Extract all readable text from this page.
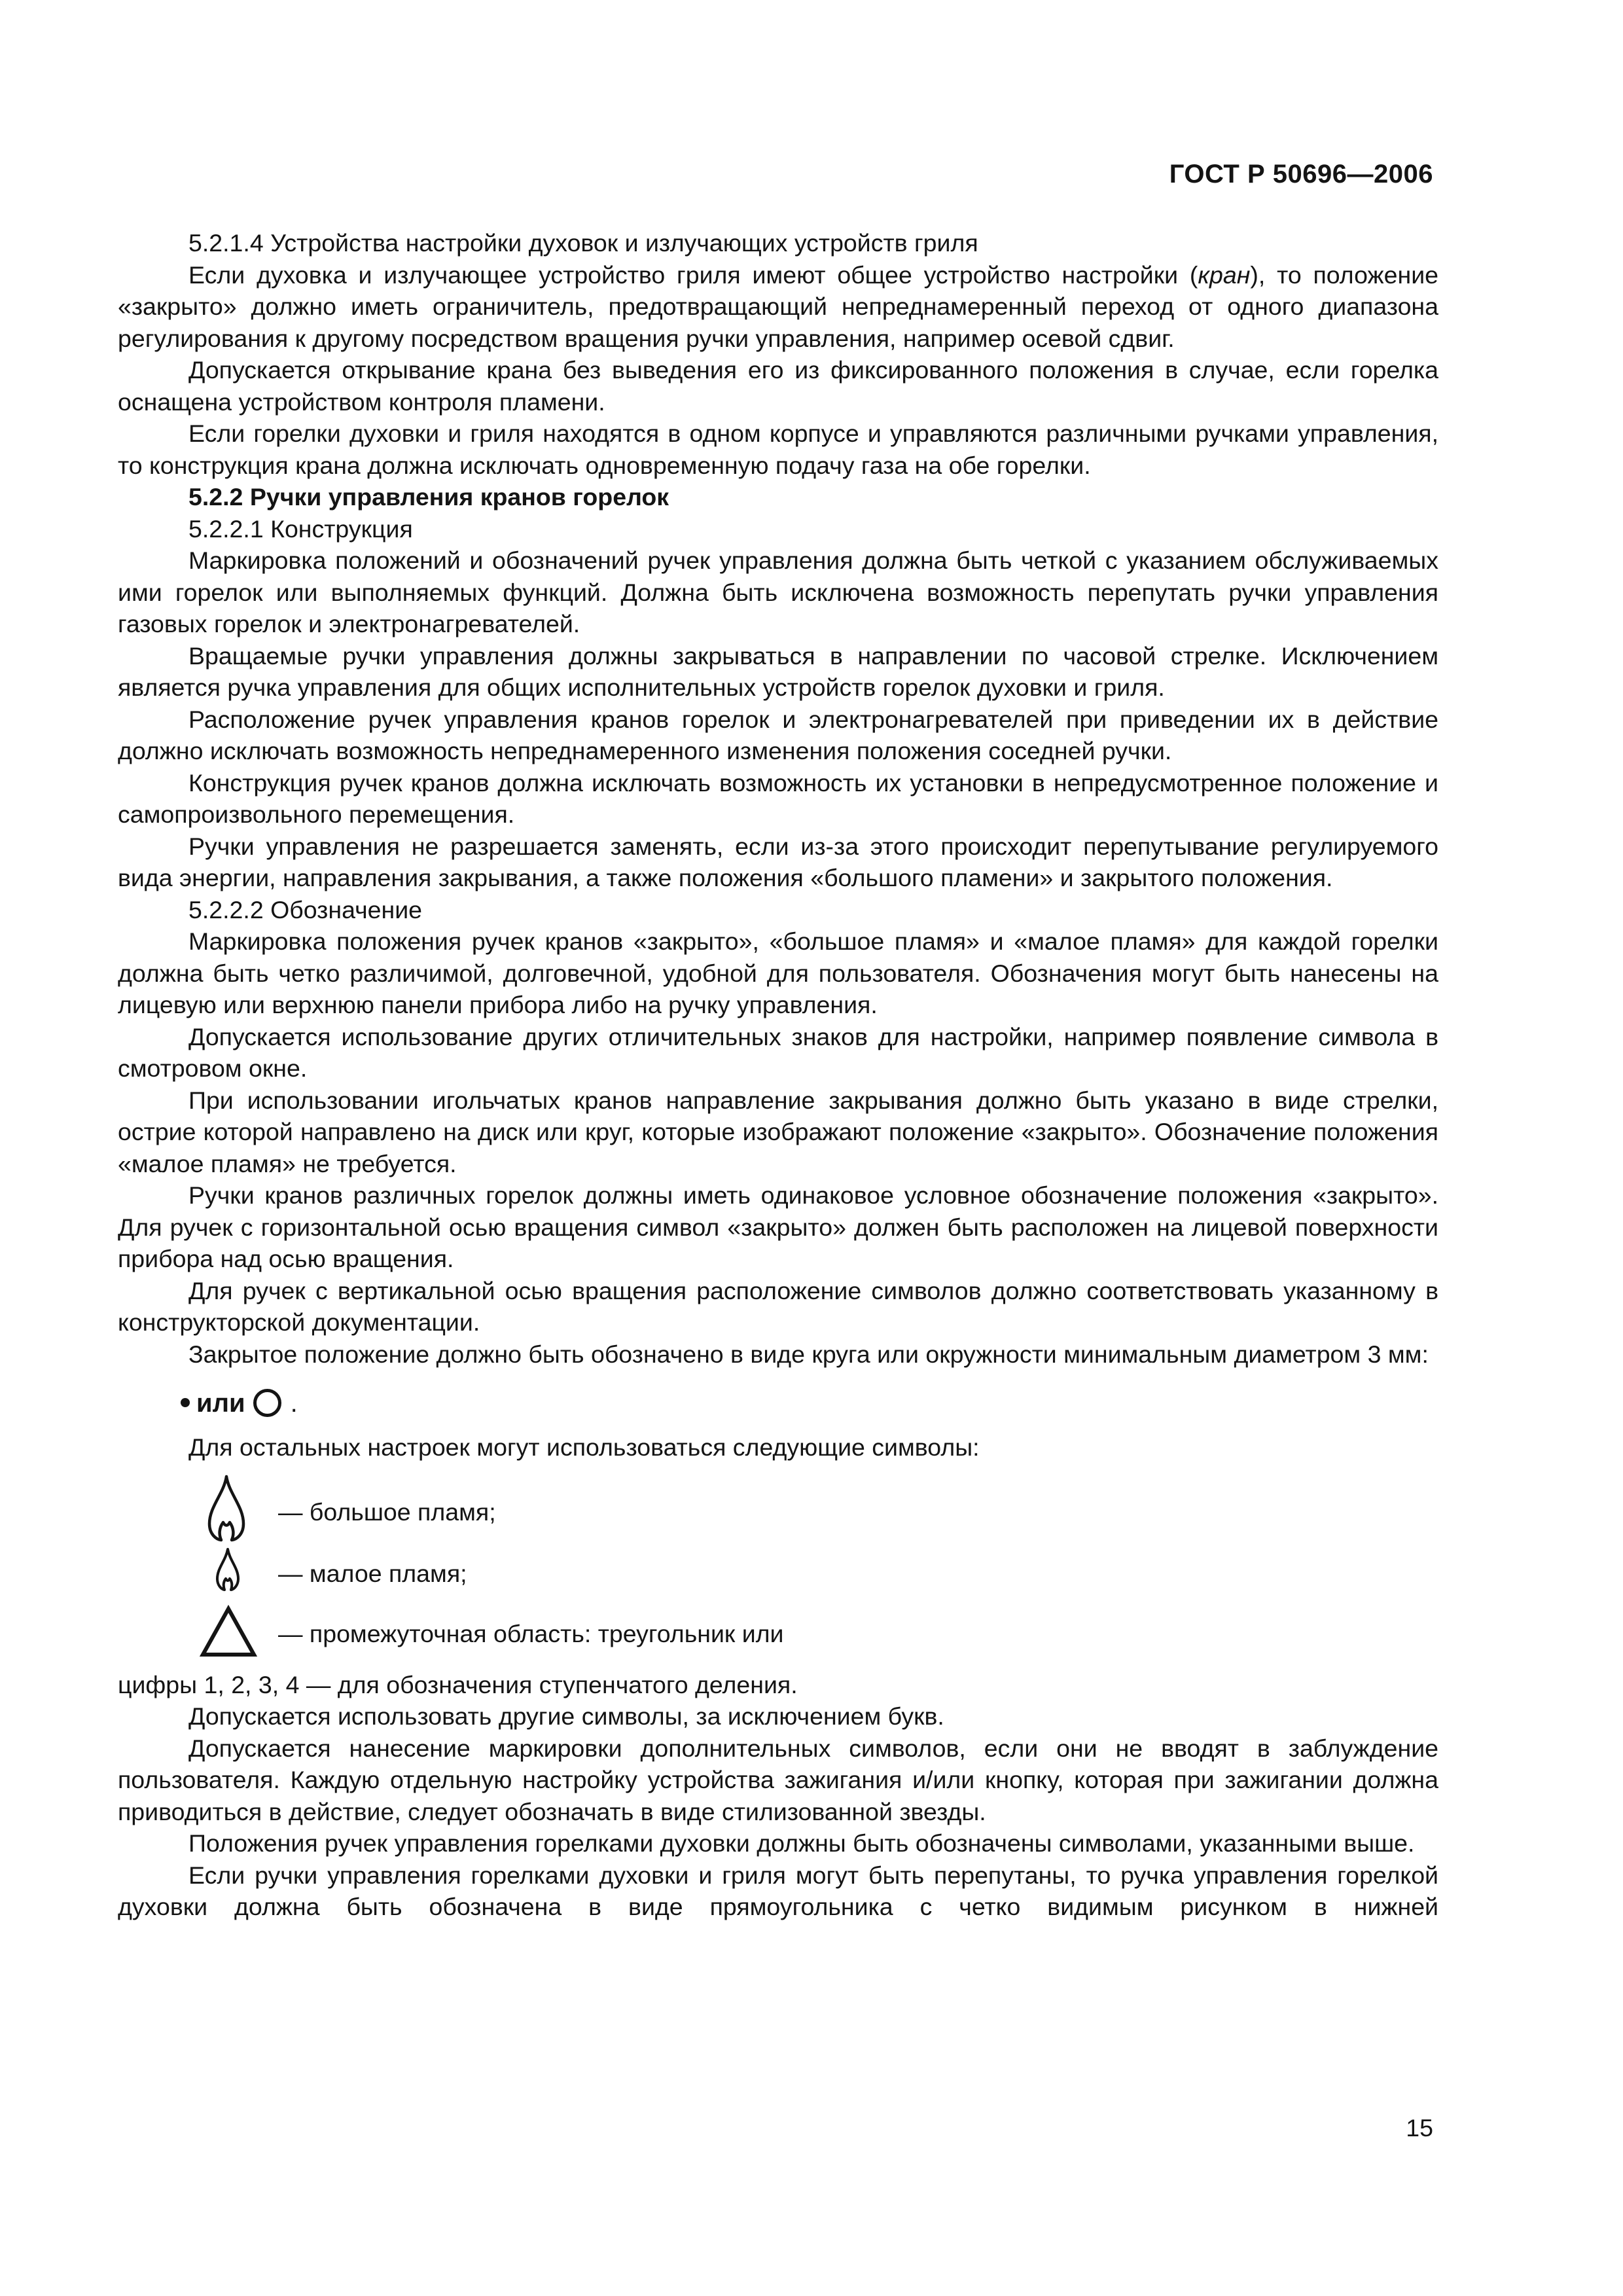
ГОСТ Р 50696—2006

5.2.1.4 Устройства настройки духовок и излучающих устройств гриля

Если духовка и излучающее устройство гриля имеют общее устройство настройки (кран), то положение «закрыто» должно иметь ограничитель, предотвращающий непреднамеренный переход от одного диапазона регулирования к другому посредством вращения ручки управления, например осевой сдвиг.

Допускается открывание крана без выведения его из фиксированного положения в случае, если горелка оснащена устройством контроля пламени.

Если горелки духовки и гриля находятся в одном корпусе и управляются различными ручками управления, то конструкция крана должна исключать одновременную подачу газа на обе горелки.

5.2.2 Ручки управления кранов горелок

5.2.2.1 Конструкция

Маркировка положений и обозначений ручек управления должна быть четкой с указанием обслуживаемых ими горелок или выполняемых функций. Должна быть исключена возможность перепутать ручки управления газовых горелок и электронагревателей.

Вращаемые ручки управления должны закрываться в направлении по часовой стрелке. Исключением является ручка управления для общих исполнительных устройств горелок духовки и гриля.

Расположение ручек управления кранов горелок и электронагревателей при приведении их в действие должно исключать возможность непреднамеренного изменения положения соседней ручки.

Конструкция ручек кранов должна исключать возможность их установки в непредусмотренное положение и самопроизвольного перемещения.

Ручки управления не разрешается заменять, если из-за этого происходит перепутывание регулируемого вида энергии, направления закрывания, а также положения «большого пламени» и закрытого положения.

5.2.2.2 Обозначение

Маркировка положения ручек кранов «закрыто», «большое пламя» и «малое пламя» для каждой горелки должна быть четко различимой, долговечной, удобной для пользователя. Обозначения могут быть нанесены на лицевую или верхнюю панели прибора либо на ручку управления.

Допускается использование других отличительных знаков для настройки, например появление символа в смотровом окне.

При использовании игольчатых кранов направление закрывания должно быть указано в виде стрелки, острие которой направлено на диск или круг, которые изображают положение «закрыто». Обозначение положения «малое пламя» не требуется.

Ручки кранов различных горелок должны иметь одинаковое условное обозначение положения «закрыто». Для ручек с горизонтальной осью вращения символ «закрыто» должен быть расположен на лицевой поверхности прибора над осью вращения.

Для ручек с вертикальной осью вращения расположение символов должно соответствовать указанному в конструкторской документации.

Закрытое положение должно быть обозначено в виде круга или окружности минимальным диаметром 3 мм:

или .

Для остальных настроек могут использоваться следующие символы:

— большое пламя;
— малое пламя;
— промежуточная область: треугольник или

цифры 1, 2, 3, 4 — для обозначения ступенчатого деления.

Допускается использовать другие символы, за исключением букв.

Допускается нанесение маркировки дополнительных символов, если они не вводят в заблуждение пользователя. Каждую отдельную настройку устройства зажигания и/или кнопку, которая при зажигании должна приводиться в действие, следует обозначать в виде стилизованной звезды.

Положения ручек управления горелками духовки должны быть обозначены символами, указанными выше.

Если ручки управления горелками духовки и гриля могут быть перепутаны, то ручка управления горелкой духовки должна быть обозначена в виде прямоугольника с четко видимым рисунком в нижней

15
